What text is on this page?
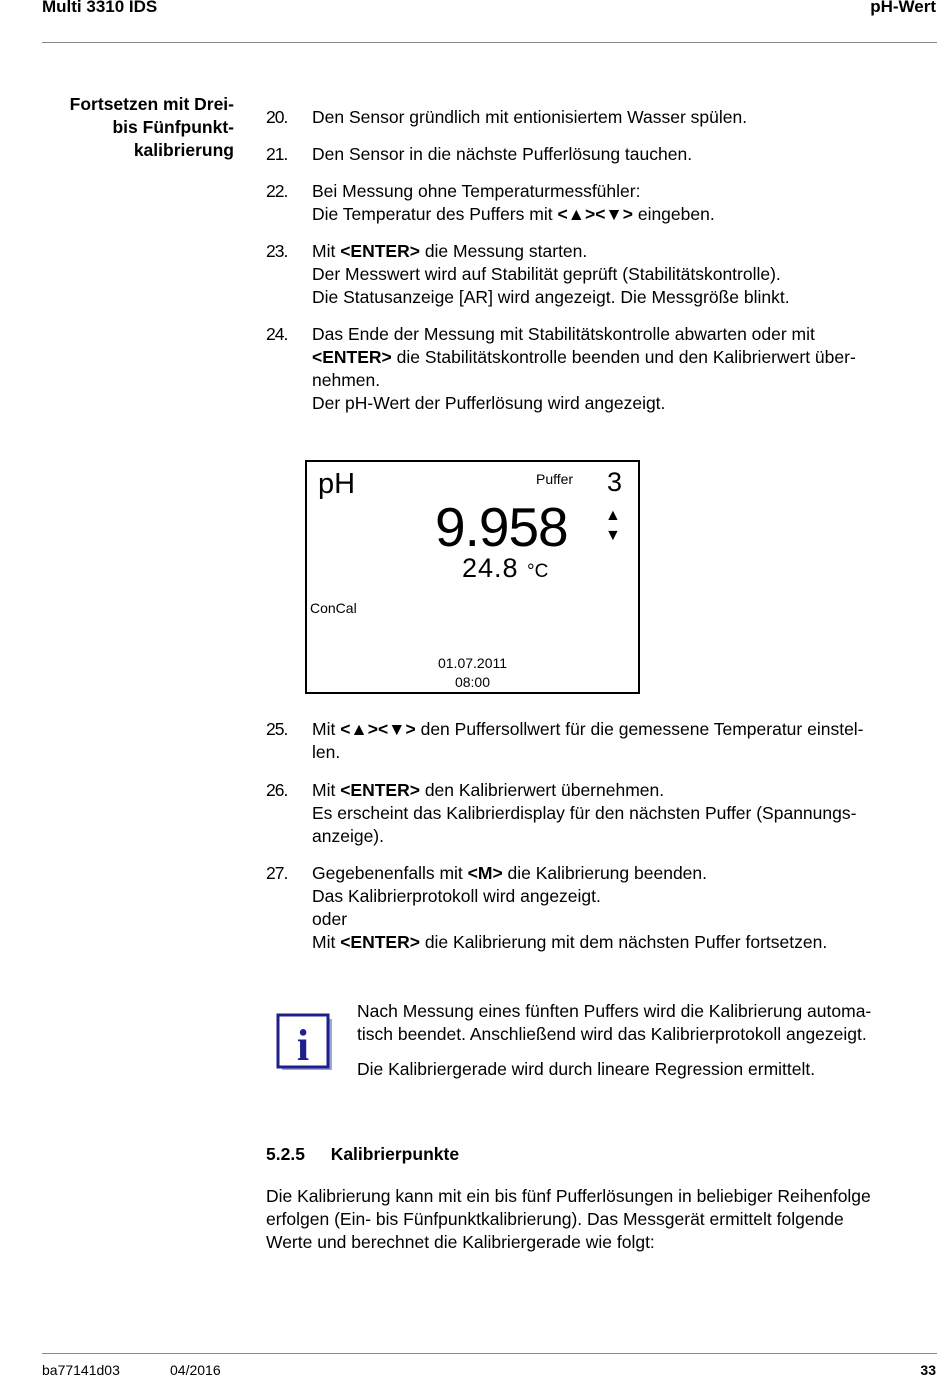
Multi 3310 IDS	pH-Wert
Fortsetzen mit Drei-
bis Fünfpunkt-
kalibrierung
20.	Den Sensor gründlich mit entionisiertem Wasser spülen.
21.	Den Sensor in die nächste Pufferlösung tauchen.
22.	Bei Messung ohne Temperaturmessfühler:
Die Temperatur des Puffers mit <▲><▼> eingeben.
23.	Mit <ENTER> die Messung starten.
Der Messwert wird auf Stabilität geprüft (Stabilitätskontrolle).
Die Statusanzeige [AR] wird angezeigt. Die Messgröße blinkt.
24.	Das Ende der Messung mit Stabilitätskontrolle abwarten oder mit
<ENTER> die Stabilitätskontrolle beenden und den Kalibrierwert über-
nehmen.
Der pH-Wert der Pufferlösung wird angezeigt.
pH	Puffer 3
9.958 ▲
▼
24.8 °C
ConCal
01.07.2011
08:00
25.	Mit <▲><▼> den Puffersollwert für die gemessene Temperatur einstel-
len.
26.	Mit <ENTER> den Kalibrierwert übernehmen.
Es erscheint das Kalibrierdisplay für den nächsten Puffer (Spannungs-
anzeige).
27.	Gegebenenfalls mit <M> die Kalibrierung beenden.
Das Kalibrierprotokoll wird angezeigt.
oder
Mit <ENTER> die Kalibrierung mit dem nächsten Puffer fortsetzen.
i

Nach Messung eines fünften Puffers wird die Kalibrierung automa-
tisch beendet. Anschließend wird das Kalibrierprotokoll angezeigt.

Die Kalibriergerade wird durch lineare Regression ermittelt.

5.2.5 Kalibrierpunkte
Die Kalibrierung kann mit ein bis fünf Pufferlösungen in beliebiger Reihenfolge
erfolgen (Ein- bis Fünfpunktkalibrierung). Das Messgerät ermittelt folgende
Werte und berechnet die Kalibriergerade wie folgt:
ba77141d03	04/2016	33
